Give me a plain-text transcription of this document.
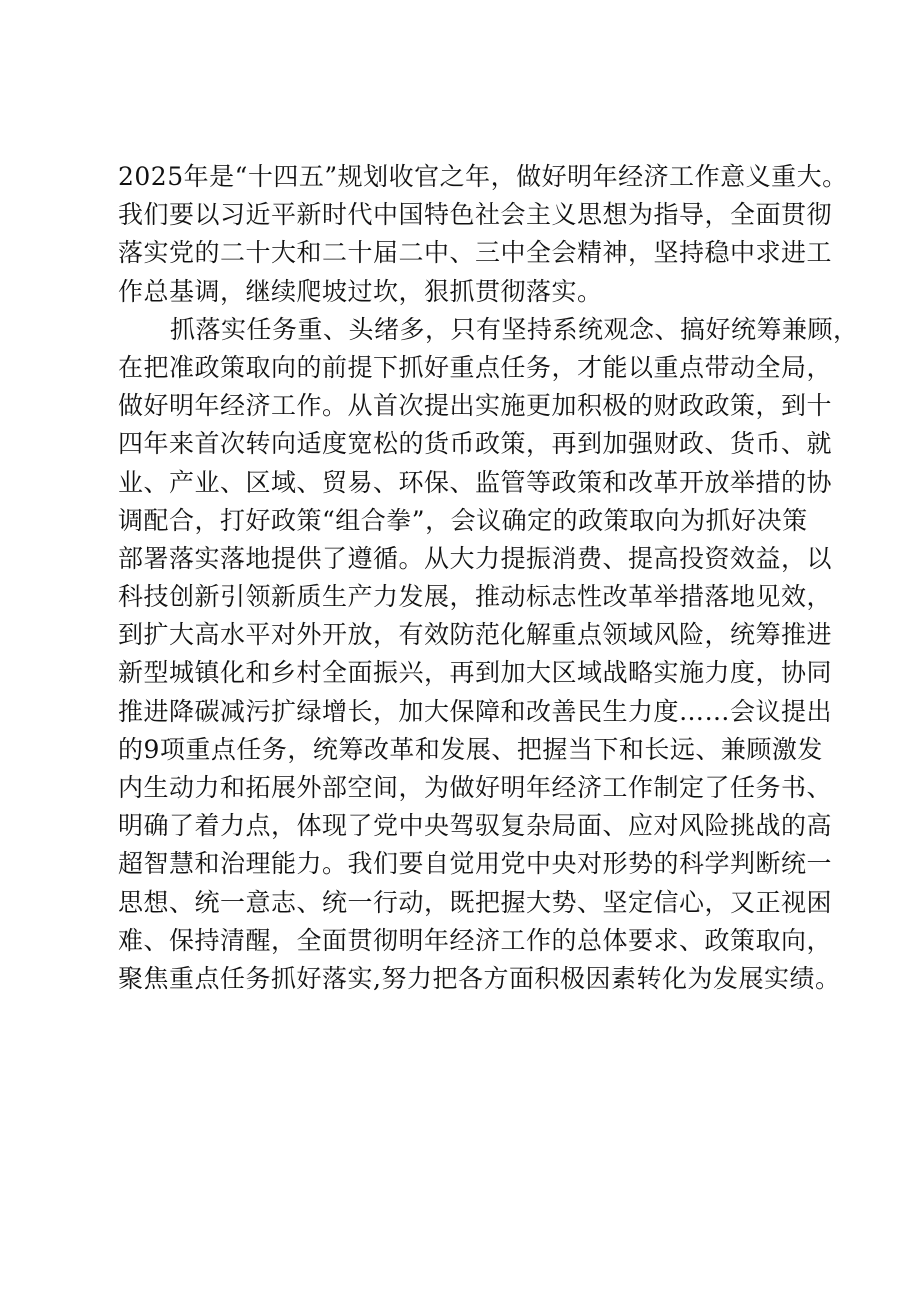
2025年是“十四五”规划收官之年，做好明年经济工作意义重大。
我们要以习近平新时代中国特色社会主义思想为指导，全面贯彻
落实党的二十大和二十届二中、三中全会精神，坚持稳中求进工
作总基调，继续爬坡过坎，狠抓贯彻落实。
抓落实任务重、头绪多，只有坚持系统观念、搞好统筹兼顾，
在把准政策取向的前提下抓好重点任务，才能以重点带动全局，
做好明年经济工作。从首次提出实施更加积极的财政政策，到十
四年来首次转向适度宽松的货币政策，再到加强财政、货币、就
业、产业、区域、贸易、环保、监管等政策和改革开放举措的协
调配合，打好政策“组合拳”，会议确定的政策取向为抓好决策
部署落实落地提供了遵循。从大力提振消费、提高投资效益，以
科技创新引领新质生产力发展，推动标志性改革举措落地见效，
到扩大高水平对外开放，有效防范化解重点领域风险，统筹推进
新型城镇化和乡村全面振兴，再到加大区域战略实施力度，协同
推进降碳减污扩绿增长，加大保障和改善民生力度……会议提出
的9项重点任务，统筹改革和发展、把握当下和长远、兼顾激发
内生动力和拓展外部空间，为做好明年经济工作制定了任务书、
明确了着力点，体现了党中央驾驭复杂局面、应对风险挑战的高
超智慧和治理能力。我们要自觉用党中央对形势的科学判断统一
思想、统一意志、统一行动，既把握大势、坚定信心，又正视困
难、保持清醒，全面贯彻明年经济工作的总体要求、政策取向，
聚焦重点任务抓好落实,努力把各方面积极因素转化为发展实绩。
